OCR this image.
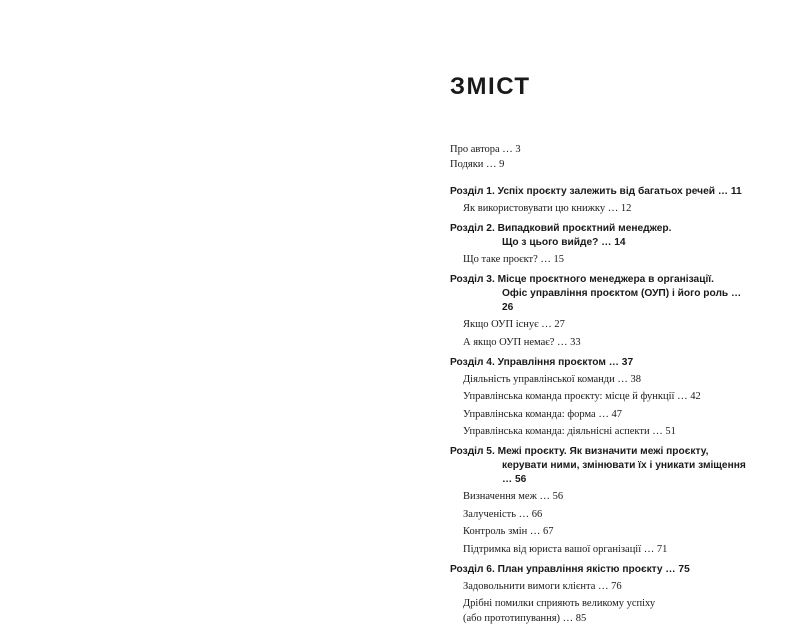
ЗМІСТ
Про автора … 3
Подяки … 9
Розділ 1. Успіх проєкту залежить від багатьох речей … 11
Як використовувати цю книжку … 12
Розділ 2. Випадковий проєктний менеджер.
Що з цього вийде? … 14
Що таке проєкт? … 15
Розділ 3. Місце проєктного менеджера в організації.
Офіс управління проєктом (ОУП) і його роль … 26
Якщо ОУП існує … 27
А якщо ОУП немає? … 33
Розділ 4. Управління проєктом … 37
Діяльність управлінської команди … 38
Управлінська команда проєкту: місце й функції … 42
Управлінська команда: форма … 47
Управлінська команда: діяльнісні аспекти … 51
Розділ 5. Межі проєкту. Як визначити межі проєкту,
керувати ними, змінювати їх і уникати зміщення … 56
Визначення меж … 56
Залученість … 66
Контроль змін … 67
Підтримка від юриста вашої організації … 71
Розділ 6. План управління якістю проєкту … 75
Задовольнити вимоги клієнта … 76
Дрібні помилки сприяють великому успіху
(або прототипування) … 85
